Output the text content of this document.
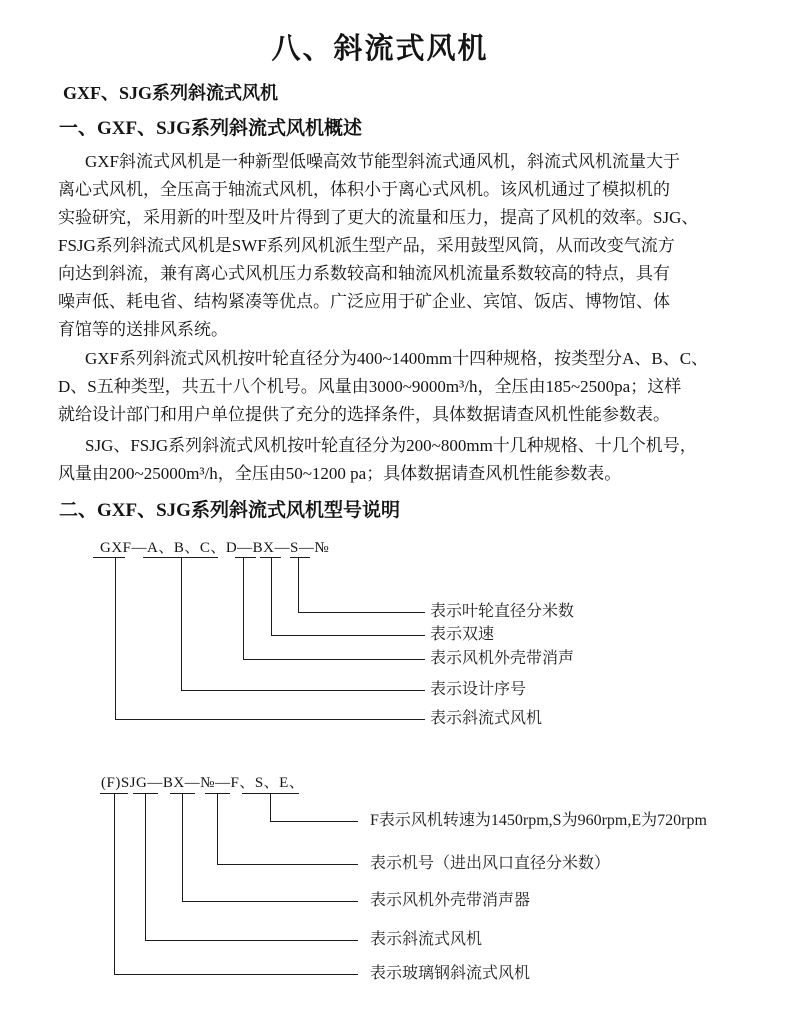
八、斜流式风机
GXF、SJG系列斜流式风机
一、GXF、SJG系列斜流式风机概述
GXF斜流式风机是一种新型低噪高效节能型斜流式通风机，斜流式风机流量大于
离心式风机，全压高于轴流式风机，体积小于离心式风机。该风机通过了模拟机的
实验研究，采用新的叶型及叶片得到了更大的流量和压力，提高了风机的效率。SJG、
FSJG系列斜流式风机是SWF系列风机派生型产品，采用鼓型风筒，从而改变气流方
向达到斜流，兼有离心式风机压力系数较高和轴流风机流量系数较高的特点，具有
噪声低、耗电省、结构紧凑等优点。广泛应用于矿企业、宾馆、饭店、博物馆、体
育馆等的送排风系统。
GXF系列斜流式风机按叶轮直径分为400~1400mm十四种规格，按类型分A、B、C、
D、S五种类型，共五十八个机号。风量由3000~9000m³/h，全压由185~2500pa；这样
就给设计部门和用户单位提供了充分的选择条件，具体数据请查风机性能参数表。
SJG、FSJG系列斜流式风机按叶轮直径分为200~800mm十几种规格、十几个机号，
风量由200~25000m³/h，全压由50~1200 pa；具体数据请查风机性能参数表。
二、GXF、SJG系列斜流式风机型号说明
GXF—A、B、C、D—BX—S—№
表示叶轮直径分米数
表示双速
表示风机外壳带消声
表示设计序号
表示斜流式风机
(F)SJG—BX—№—F、S、E、
F表示风机转速为1450rpm,S为960rpm,E为720rpm
表示机号（进出风口直径分米数）
表示风机外壳带消声器
表示斜流式风机
表示玻璃钢斜流式风机
